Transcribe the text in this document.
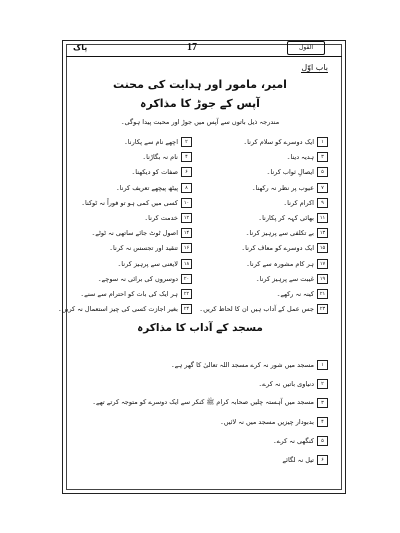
پاک	17	القول
باب اوّل
امیر، مامور اور ہدایت کی محنت
آپس کے جوڑ کا مذاکرہ
مندرجہ ذیل باتوں سے آپس میں جوڑ اور محبت پیدا ہوگی۔
۱
ایک دوسرے کو سلام کرنا۔
۲
اچھے نام سے پکارنا۔
۳
ہدیہ دینا۔
۴
نام نہ بگاڑنا۔
۵
ایصالِ ثواب کرنا۔
۶
صفات کو دیکھنا۔
۷
عیوب پر نظر نہ رکھنا۔
۸
پیٹھ پیچھے تعریف کرنا۔
۹
اکرام کرنا۔
۱۰
کسی میں کمی ہو تو فوراً نہ ٹوکنا۔
۱۱
بھائی کہہ کر پکارنا۔
۱۲
خدمت کرنا۔
۱۳
بے تکلفی سے پرہیز کرنا۔
۱۴
اصول ٹوٹ جائے ساتھی نہ ٹوٹے۔
۱۵
ایک دوسرے کو معاف کرنا۔
۱۶
تنقید اور تجسس نہ کرنا۔
۱۷
ہر کام مشورہ سے کرنا۔
۱۸
لایعنی سے پرہیز کرنا۔
۱۹
غیبت سے پرہیز کرنا۔
۲۰
دوسروں کی برائی نہ سوچے۔
۲۱
کینہ نہ رکھے۔
۲۲
ہر ایک کی بات کو احترام سے سنے۔
۲۳
جس عمل کے آداب ہیں ان کا لحاظ کریں۔
۲۴
بغیر اجازت کسی کی چیز استعمال نہ کریں۔
مسجد کے آداب کا مذاکرہ
۱
مسجد میں شور نہ کرے مسجد اللہ تعالیٰ کا گھر ہے۔
۲
دنیاوی باتیں نہ کرے۔
۳
مسجد میں آہستہ چلیں صحابہ کرام ﷺ کنکر سے ایک دوسرے کو متوجہ کرتے تھے۔
۴
بدبودار چیزیں مسجد میں نہ لائیں۔
۵
کنگھی نہ کرے۔
۶
تیل نہ لگائے
